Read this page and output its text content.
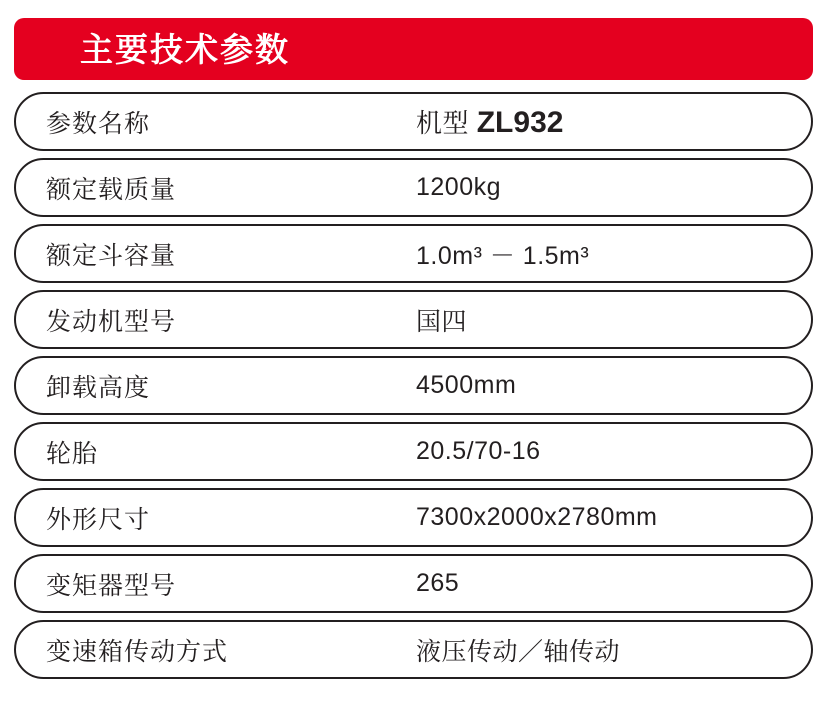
主要技术参数
参数名称	机型 ZL932
额定载质量	1200kg
额定斗容量	1.0m³ － 1.5m³
发动机型号	国四
卸载高度	4500mm
轮胎	20.5/70-16
外形尺寸	7300x2000x2780mm
变矩器型号	265
变速箱传动方式	液压传动／轴传动
